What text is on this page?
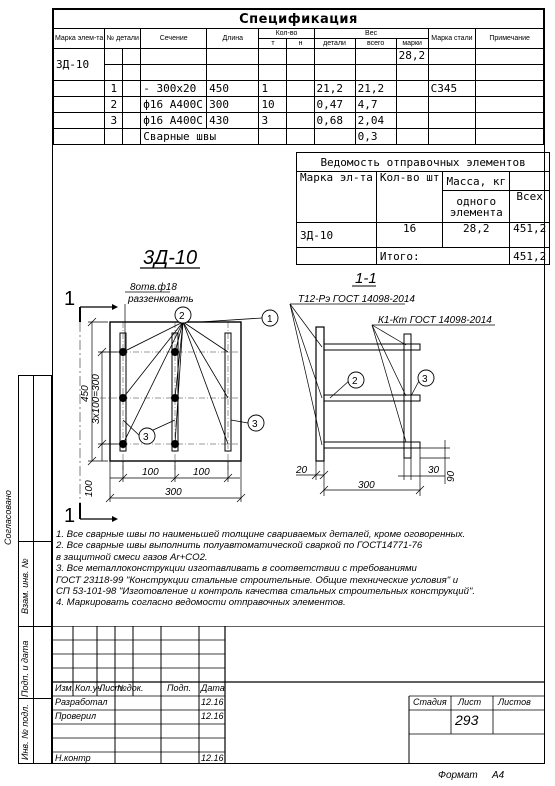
Спецификация											
Марка элем-та	№ детали		Сечение	Длина	Кол-во		Вес			Марка стали	Примечание
					т	н	детали	всего	марки		
3Д-10									28,2		

	1		- 300х20	450	1		21,2	21,2		С345	
	2		ф16 А400С	300	10		0,47	4,7			
	3		ф16 А400С	430	3		0,68	2,04			
			Сварные швы					0,3			
Ведомость отправочных элементов			
Марка эл-та	Кол-во шт	Масса, кг	
		одного элемента	Всех
3Д-10	16	28,2	451,2
	Итого:		451,2
3Д-10
1
1
2
3
3
1
8отв.ф18
раззенковать
450 3х100=300
100
100	100
300
1-1
Т12-Рэ ГОСТ 14098-2014
К1-Кт ГОСТ 14098-2014
2	3
20
300
30
90
1. Все сварные швы по наименьшей толщине свариваемых деталей, кроме оговоренных.
2. Все сварные швы выполнить полуавтоматической сваркой по ГОСТ14771-76
в защитной смеси газов Ar+CO2.
3. Все металлоконструкции изготавливать в соответствии с требованиями
ГОСТ 23118-99 "Конструкции стальные строительные. Общие технические условия" и
СП 53-101-98 "Изготовление и контроль качества стальных строительных конструкций".
4. Маркировать согласно ведомости отправочных элементов.
Согласовано
Взам. инв. №
Подп. и дата
Инв. № подл.
Изм. Кол.уч
Лист
№док.	Подп. Дата
Разработал	12.16
Проверил	12.16
Н.контр	12.16
Стадия Лист Листов
293
Формат А4
